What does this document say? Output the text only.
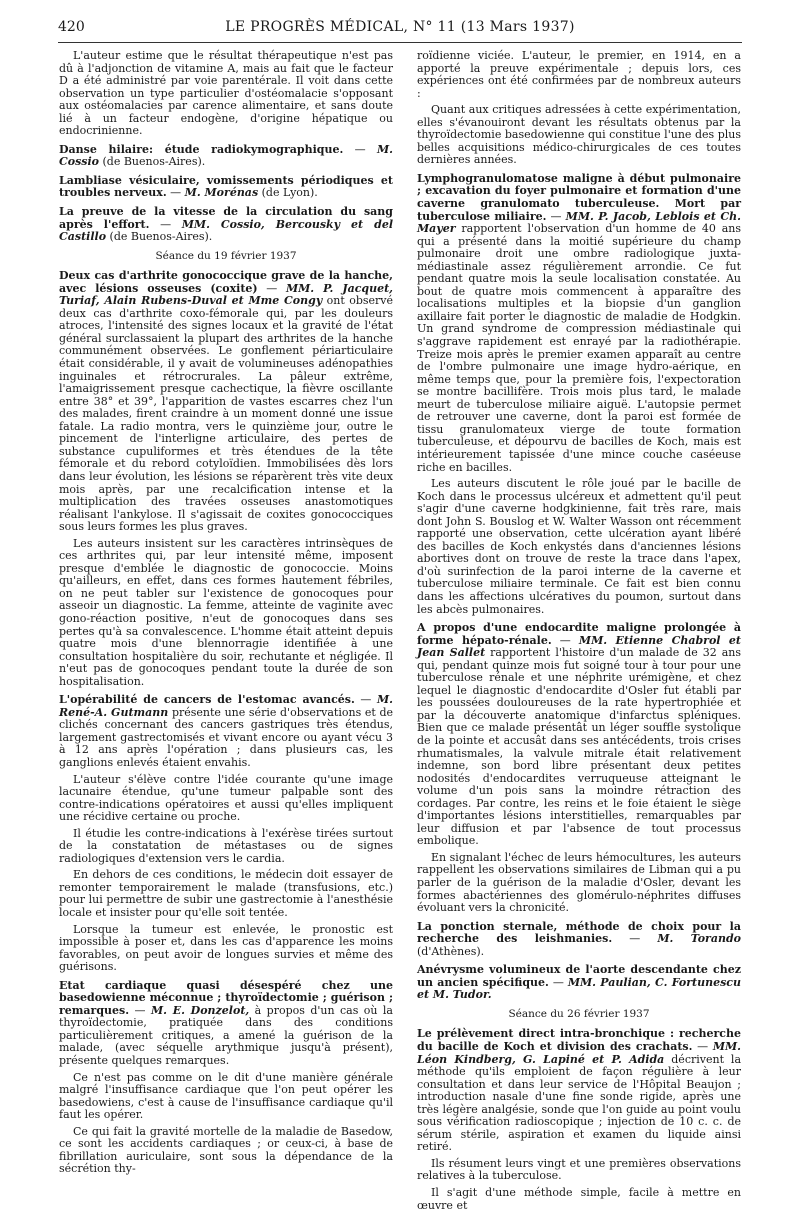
420	LE PROGRÈS MÉDICAL, N° 11 (13 Mars 1937)

L'auteur estime que le résultat thérapeutique n'est pas dû à l'adjonction de vitamine A, mais au fait que le facteur D a été administré par voie parentérale. Il voit dans cette observation un type particulier d'ostéomalacie s'opposant aux ostéomalacies par carence alimentaire, et sans doute lié à un facteur endogène, d'origine hépatique ou endocrinienne.

Danse hilaire: étude radiokymographique. — M. Cossio (de Buenos-Aires).

Lambliase vésiculaire, vomissements périodiques et troubles nerveux. — M. Morénas (de Lyon).

La preuve de la vitesse de la circulation du sang après l'effort. — MM. Cossio, Bercousky et del Castillo (de Buenos-Aires).

Séance du 19 février 1937

Deux cas d'arthrite gonococcique grave de la hanche, avec lésions osseuses (coxite) — MM. P. Jacquet, Turiaf, Alain Rubens-Duval et Mme Congy ont observé deux cas d'arthrite coxo-fémorale qui, par les douleurs atroces, l'intensité des signes locaux et la gravité de l'état général surclassaient la plupart des arthrites de la hanche communément observées. Le gonflement périarticulaire était considérable, il y avait de volumineuses adénopathies inguinales et rétrocrurales. La pâleur extrême, l'amaigrissement presque cachectique, la fièvre oscillante entre 38° et 39°, l'apparition de vastes escarres chez l'un des malades, firent craindre à un moment donné une issue fatale. La radio montra, vers le quinzième jour, outre le pincement de l'interligne articulaire, des pertes de substance cupuliformes et très étendues de la tête fémorale et du rebord cotyloïdien. Immobilisées dès lors dans leur évolution, les lésions se réparèrent très vite deux mois après, par une recalcification intense et la multiplication des travées osseuses anastomotiques réalisant l'ankylose. Il s'agissait de coxites gonococciques sous leurs formes les plus graves.

Les auteurs insistent sur les caractères intrinsèques de ces arthrites qui, par leur intensité même, imposent presque d'emblée le diagnostic de gonococcie. Moins qu'ailleurs, en effet, dans ces formes hautement fébriles, on ne peut tabler sur l'existence de gonocoques pour asseoir un diagnostic. La femme, atteinte de vaginite avec gono-réaction positive, n'eut de gonocoques dans ses pertes qu'à sa convalescence. L'homme était atteint depuis quatre mois d'une blennorragie identifiée à une consultation hospitalière du soir, rechutante et négligée. Il n'eut pas de gonocoques pendant toute la durée de son hospitalisation.

L'opérabilité de cancers de l'estomac avancés. — M. René-A. Gutmann présente une série d'observations et de clichés concernant des cancers gastriques très étendus, largement gastrectomisés et vivant encore ou ayant vécu 3 à 12 ans après l'opération ; dans plusieurs cas, les ganglions enlevés étaient envahis.

L'auteur s'élève contre l'idée courante qu'une image lacunaire étendue, qu'une tumeur palpable sont des contre-indications opératoires et aussi qu'elles impliquent une récidive certaine ou proche.

Il étudie les contre-indications à l'exérèse tirées surtout de la constatation de métastases ou de signes radiologiques d'extension vers le cardia.

En dehors de ces conditions, le médecin doit essayer de remonter temporairement le malade (transfusions, etc.) pour lui permettre de subir une gastrectomie à l'anesthésie locale et insister pour qu'elle soit tentée.

Lorsque la tumeur est enlevée, le pronostic est impossible à poser et, dans les cas d'apparence les moins favorables, on peut avoir de longues survies et même des guérisons.

Etat cardiaque quasi désespéré chez une basedowienne méconnue ; thyroïdectomie ; guérison ; remarques. — M. E. Donzelot, à propos d'un cas où la thyroïdectomie, pratiquée dans des conditions particulièrement critiques, a amené la guérison de la malade, (avec séquelle arythmique jusqu'à présent), présente quelques remarques.

Ce n'est pas comme on le dit d'une manière générale malgré l'insuffisance cardiaque que l'on peut opérer les basedowiens, c'est à cause de l'insuffisance cardiaque qu'il faut les opérer.

Ce qui fait la gravité mortelle de la maladie de Basedow, ce sont les accidents cardiaques ; or ceux-ci, à base de fibrillation auriculaire, sont sous la dépendance de la sécrétion thy-

roïdienne viciée. L'auteur, le premier, en 1914, en a apporté la preuve expérimentale ; depuis lors, ces expériences ont été confirmées par de nombreux auteurs :

Quant aux critiques adressées à cette expérimentation, elles s'évanouiront devant les résultats obtenus par la thyroïdectomie basedowienne qui constitue l'une des plus belles acquisitions médico-chirurgicales de ces toutes dernières années.

Lymphogranulomatose maligne à début pulmonaire ; excavation du foyer pulmonaire et formation d'une caverne granulomato tuberculeuse. Mort par tuberculose miliaire. — MM. P. Jacob, Leblois et Ch. Mayer rapportent l'observation d'un homme de 40 ans qui a présenté dans la moitié supérieure du champ pulmonaire droit une ombre radiologique juxta-médiastinale assez régulièrement arrondie. Ce fut pendant quatre mois la seule localisation constatée. Au bout de quatre mois commencent à apparaître des localisations multiples et la biopsie d'un ganglion axillaire fait porter le diagnostic de maladie de Hodgkin. Un grand syndrome de compression médiastinale qui s'aggrave rapidement est enrayé par la radiothérapie. Treize mois après le premier examen apparaît au centre de l'ombre pulmonaire une image hydro-aérique, en même temps que, pour la première fois, l'expectoration se montre bacillifère. Trois mois plus tard, le malade meurt de tuberculose miliaire aiguë. L'autopsie permet de retrouver une caverne, dont la paroi est formée de tissu granulomateux vierge de toute formation tuberculeuse, et dépourvu de bacilles de Koch, mais est intérieurement tapissée d'une mince couche caséeuse riche en bacilles.

Les auteurs discutent le rôle joué par le bacille de Koch dans le processus ulcéreux et admettent qu'il peut s'agir d'une caverne hodgkinienne, fait très rare, mais dont John S. Bouslog et W. Walter Wasson ont récemment rapporté une observation, cette ulcération ayant libéré des bacilles de Koch enkystés dans d'anciennes lésions abortives dont on trouve de reste la trace dans l'apex, d'où surinfection de la paroi interne de la caverne et tuberculose miliaire terminale. Ce fait est bien connu dans les affections ulcératives du poumon, surtout dans les abcès pulmonaires.

A propos d'une endocardite maligne prolongée à forme hépato-rénale. — MM. Etienne Chabrol et Jean Sallet rapportent l'histoire d'un malade de 32 ans qui, pendant quinze mois fut soigné tour à tour pour une tuberculose rénale et une néphrite urémigène, et chez lequel le diagnostic d'endocardite d'Osler fut établi par les poussées douloureuses de la rate hypertrophiée et par la découverte anatomique d'infarctus spléniques. Bien que ce malade présentât un léger souffle systolique de la pointe et accusât dans ses antécédents, trois crises rhumatismales, la valvule mitrale était relativement indemne, son bord libre présentant deux petites nodosités d'endocardites verruqueuse atteignant le volume d'un pois sans la moindre rétraction des cordages. Par contre, les reins et le foie étaient le siège d'importantes lésions interstitielles, remarquables par leur diffusion et par l'absence de tout processus embolique.

En signalant l'échec de leurs hémocultures, les auteurs rappellent les observations similaires de Libman qui a pu parler de la guérison de la maladie d'Osler, devant les formes abactériennes des glomérulo-néphrites diffuses évoluant vers la chronicité.

La ponction sternale, méthode de choix pour la recherche des leishmanies. — M. Torando (d'Athènes).

Anévrysme volumineux de l'aorte descendante chez un ancien spécifique. — MM. Paulian, C. Fortunescu et M. Tudor.

Séance du 26 février 1937

Le prélèvement direct intra-bronchique : recherche du bacille de Koch et division des crachats. — MM. Léon Kindberg, G. Lapiné et P. Adida décrivent la méthode qu'ils emploient de façon régulière à leur consultation et dans leur service de l'Hôpital Beaujon ; introduction nasale d'une fine sonde rigide, après une très légère analgésie, sonde que l'on guide au point voulu sous vérification radioscopique ; injection de 10 c. c. de sérum stérile, aspiration et examen du liquide ainsi retiré.

Ils résument leurs vingt et une premières observations relatives à la tuberculose.

Il s'agit d'une méthode simple, facile à mettre en œuvre et
